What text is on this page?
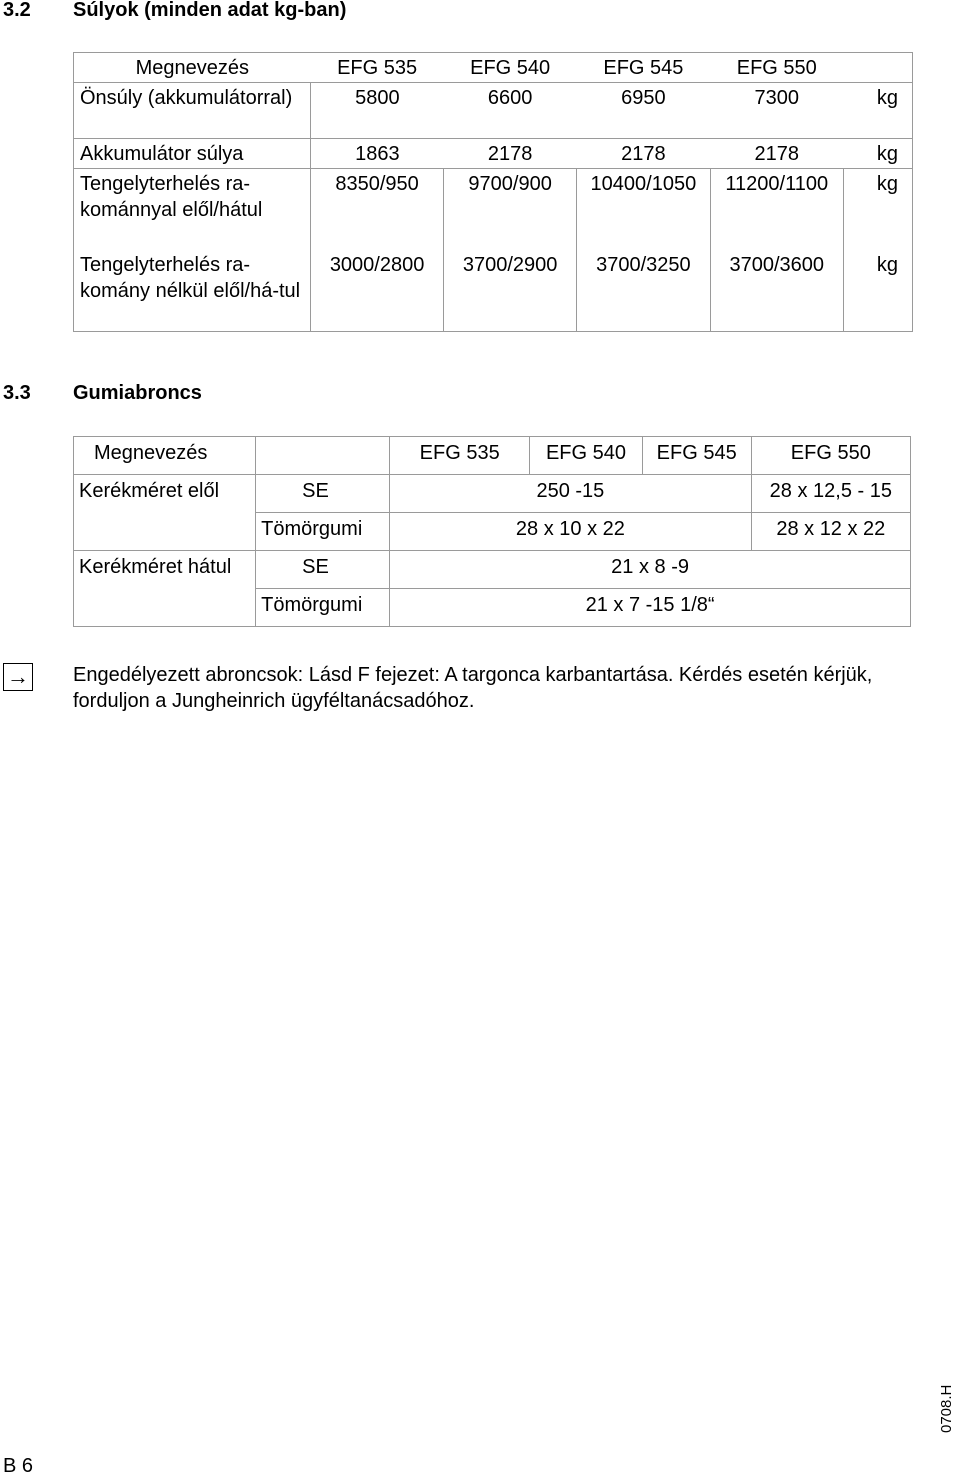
3.2 Súlyok (minden adat kg-ban)
Megnevezés	EFG 535	EFG 540	EFG 545	EFG 550	
Önsúly (akkumulátorral)	5800	6600	6950	7300	kg
Akkumulátor súlya	1863	2178	2178	2178	kg
Tengelyterhelés ra-kománnyal elől/hátul	8350/950	9700/900	10400/1050	11200/1100	kg
Tengelyterhelés ra-komány nélkül elől/há-tul	3000/2800	3700/2900	3700/3250	3700/3600	kg
3.3 Gumiabroncs
Megnevezés		EFG 535	EFG 540	EFG 545	EFG 550
Kerékméret elől	SE	250 -15			28 x 12,5 - 15
	Tömörgumi	28 x 10 x 22			28 x 12 x 22
Kerékméret hátul	SE	21 x 8 -9			
	Tömörgumi	21 x 7 -15 1/8“			
→ Engedélyezett abroncsok: Lásd F fejezet: A targonca karbantartása. Kérdés esetén kérjük, forduljon a Jungheinrich ügyféltanácsadóhoz.
0708.H
B 6
